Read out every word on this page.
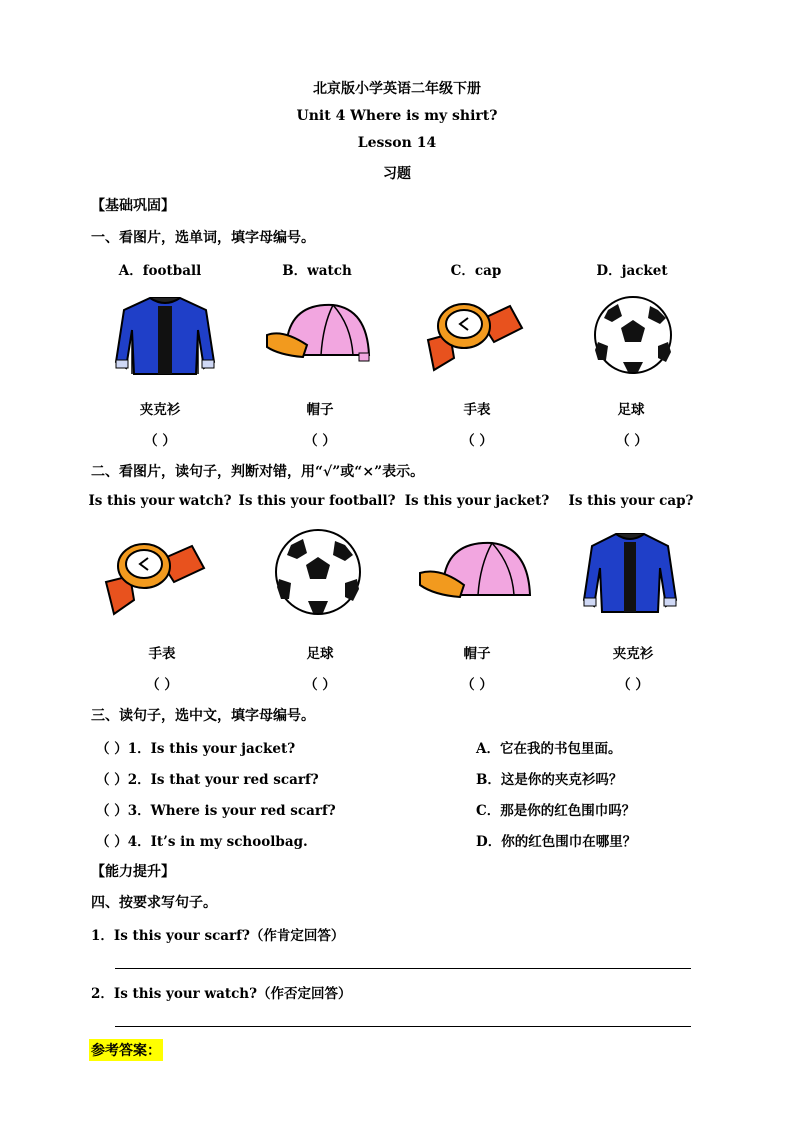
北京版小学英语二年级下册
Unit 4 Where is my shirt?
Lesson 14
习题
【基础巩固】
一、看图片，选单词，填字母编号。
A．football	B．watch	C．cap	D．jacket
夹克衫	帽子	手表	足球
（ ）	（ ）	（ ）	（ ）
二、看图片，读句子，判断对错，用“√”或“×”表示。
Is this your watch? Is this your football? Is this your jacket?	Is this your cap?
手表	足球	帽子	夹克衫
（ ）	（ ）	（ ）	（ ）
三、读句子，选中文，填字母编号。
（ ）1．Is this your jacket?	A．它在我的书包里面。
（ ）2．Is that your red scarf?	B．这是你的夹克衫吗？
（ ）3．Where is your red scarf?	C．那是你的红色围巾吗？
（ ）4．It’s in my schoolbag.	D．你的红色围巾在哪里？
【能力提升】
四、按要求写句子。
1．Is this your scarf?（作肯定回答）
2．Is this your watch?（作否定回答）
参考答案：
